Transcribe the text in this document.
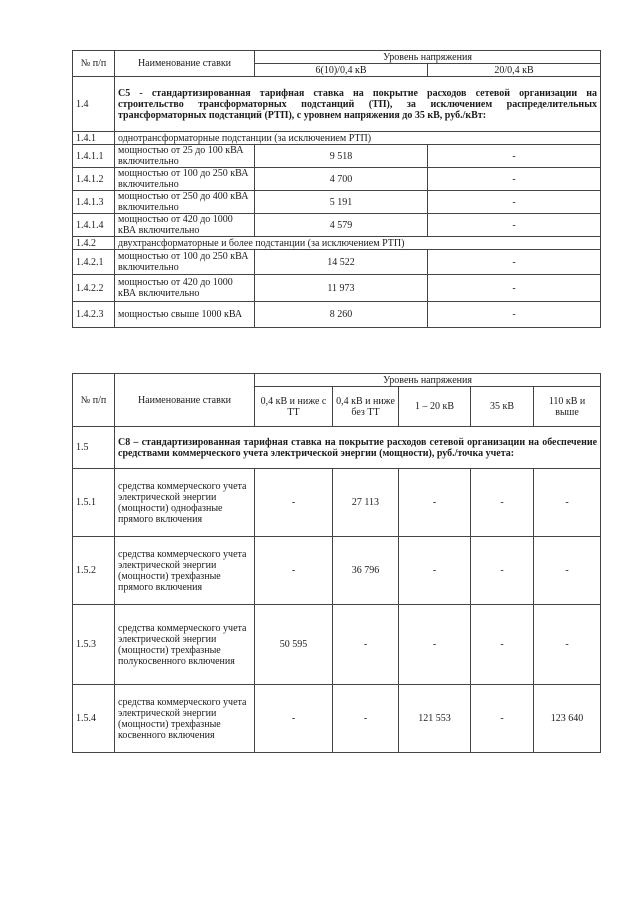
№ п/п	Наименование ставки	Уровень напряжения	
		6(10)/0,4 кВ	20/0,4 кВ
1.4	С5 - стандартизированная тарифная ставка на покрытие расходов сетевой организации на строительство трансформаторных подстанций (ТП), за исключением распределительных трансформаторных подстанций (РТП), с уровнем напряжения до 35 кВ, руб./кВт:		
1.4.1	однотрансформаторные подстанции (за исключением РТП)		
1.4.1.1	мощностью от 25 до 100 кВА включительно	9 518	-
1.4.1.2	мощностью от 100 до 250 кВА включительно	4 700	-
1.4.1.3	мощностью от 250 до 400 кВА включительно	5 191	-
1.4.1.4	мощностью от 420 до 1000 кВА включительно	4 579	-
1.4.2	двухтрансформаторные и более подстанции (за исключением РТП)		
1.4.2.1	мощностью от 100 до 250 кВА включительно	14 522	-
1.4.2.2	мощностью от 420 до 1000 кВА включительно	11 973	-
1.4.2.3	мощностью свыше 1000 кВА	8 260	-
№ п/п	Наименование ставки	Уровень напряжения				
		0,4 кВ и ниже с ТТ	0,4 кВ и ниже без ТТ	1 – 20 кВ	35 кВ	110 кВ и выше
1.5	С8 – стандартизированная тарифная ставка на покрытие расходов сетевой организации на обеспечение средствами коммерческого учета электрической энергии (мощности), руб./точка учета:					
1.5.1	средства коммерческого учета электрической энергии (мощности) однофазные прямого включения	-	27 113	-	-	-
1.5.2	средства коммерческого учета электрической энергии (мощности) трехфазные прямого включения	-	36 796	-	-	-
1.5.3	средства коммерческого учета электрической энергии (мощности) трехфазные полукосвенного включения	50 595	-	-	-	-
1.5.4	средства коммерческого учета электрической энергии (мощности) трехфазные косвенного включения	-	-	121 553	-	123 640
